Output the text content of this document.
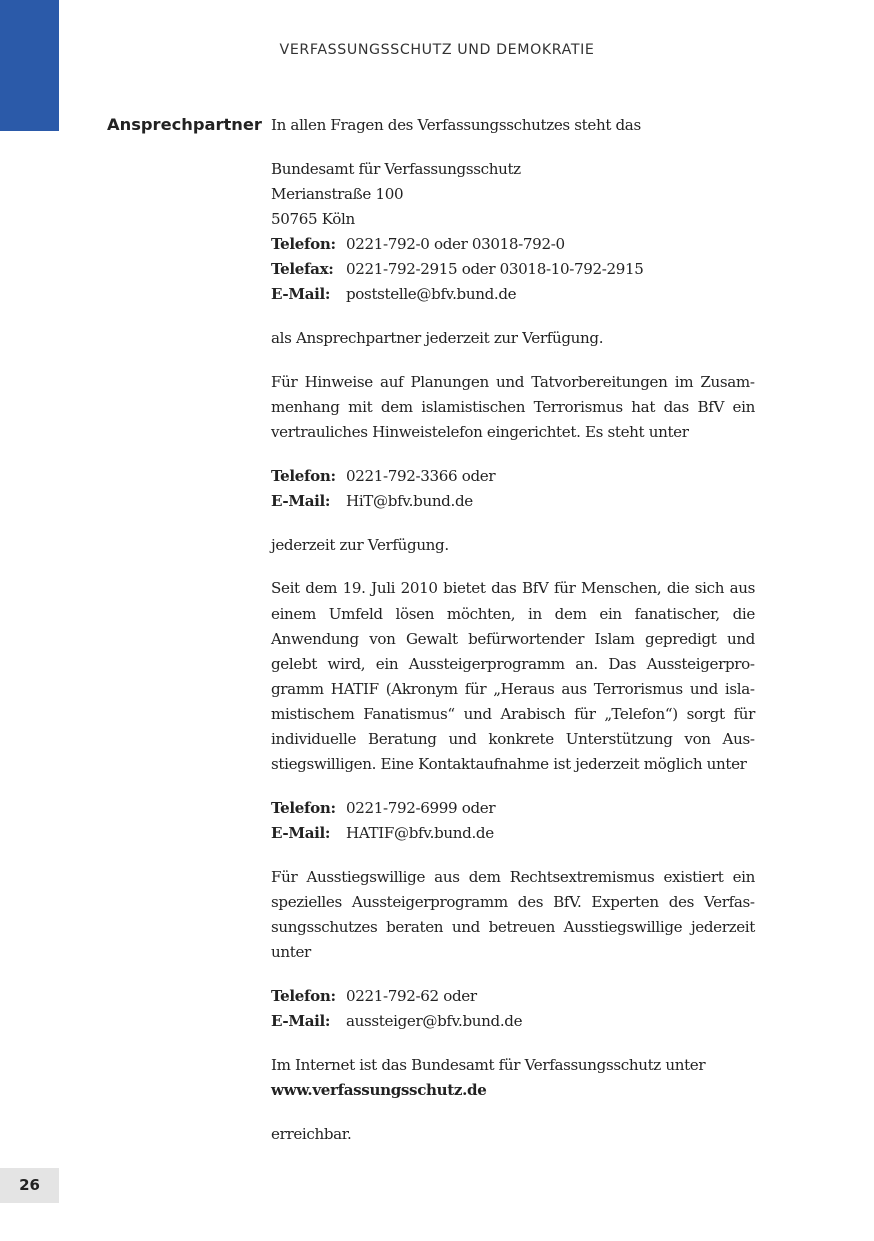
VERFASSUNGSSCHUTZ UND DEMOKRATIE
Ansprechpartner In allen Fragen des Verfassungsschutzes steht das

Bundesamt für Verfassungsschutz
Merianstraße 100
50765 Köln
Telefon: 0221-792-0 oder 03018-792-0
Telefax: 0221-792-2915 oder 03018-10-792-2915
E-Mail:	poststelle@bfv.bund.de

als Ansprechpartner jederzeit zur Verfügung.

Für Hinweise auf Planungen und Tatvorbereitungen im Zusammenhang mit dem islamistischen Terrorismus hat das BfV ein vertrauliches Hinweistelefon eingerichtet. Es steht unter

Telefon: 0221-792-3366 oder
E-Mail:	HiT@bfv.bund.de

jederzeit zur Verfügung.

Seit dem 19. Juli 2010 bietet das BfV für Menschen, die sich aus einem Umfeld lösen möchten, in dem ein fanatischer, die Anwendung von Gewalt befürwortender Islam gepredigt und gelebt wird, ein Aussteigerprogramm an. Das Aussteigerprogramm HATIF (Akronym für „Heraus aus Terrorismus und islamistischem Fanatismus“ und Arabisch für „Telefon“) sorgt für individuelle Beratung und konkrete Unterstützung von Ausstiegswilligen. Eine Kontaktaufnahme ist jederzeit möglich unter

Telefon: 0221-792-6999 oder
E-Mail:	HATIF@bfv.bund.de

Für Ausstiegswillige aus dem Rechtsextremismus existiert ein spezielles Aussteigerprogramm des BfV. Experten des Verfassungsschutzes beraten und betreuen Ausstiegswillige jederzeit unter

Telefon: 0221-792-62 oder
E-Mail:	aussteiger@bfv.bund.de

Im Internet ist das Bundesamt für Verfassungsschutz unter
www.verfassungsschutz.de

erreichbar.

26
